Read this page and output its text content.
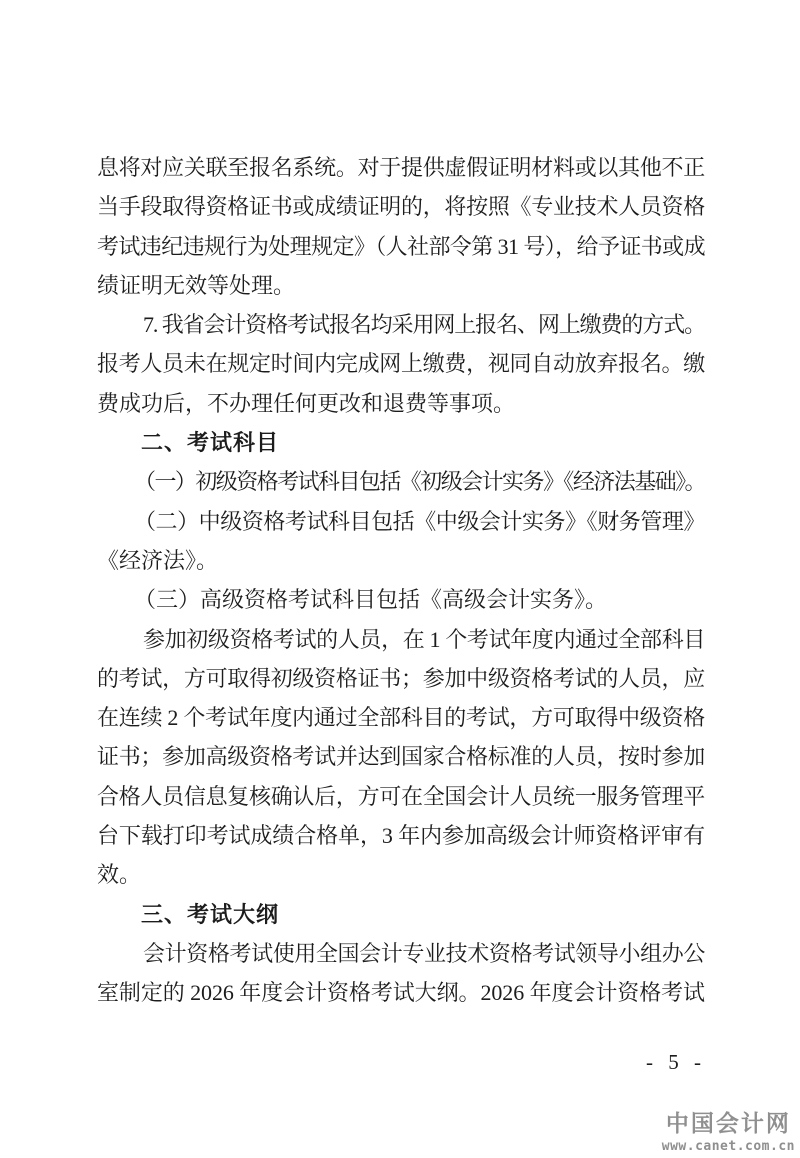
息将对应关联至报名系统。对于提供虚假证明材料或以其他不正
当手段取得资格证书或成绩证明的，将按照《专业技术人员资格
考试违纪违规行为处理规定》（人社部令第 31 号），给予证书或成
绩证明无效等处理。
7. 我省会计资格考试报名均采用网上报名、网上缴费的方式。
报考人员未在规定时间内完成网上缴费，视同自动放弃报名。缴
费成功后，不办理任何更改和退费等事项。
二、考试科目
（一）初级资格考试科目包括《初级会计实务》《经济法基础》。
（二）中级资格考试科目包括《中级会计实务》《财务管理》
《经济法》。
（三）高级资格考试科目包括《高级会计实务》。
参加初级资格考试的人员，在 1 个考试年度内通过全部科目
的考试，方可取得初级资格证书；参加中级资格考试的人员，应
在连续 2 个考试年度内通过全部科目的考试，方可取得中级资格
证书；参加高级资格考试并达到国家合格标准的人员，按时参加
合格人员信息复核确认后，方可在全国会计人员统一服务管理平
台下载打印考试成绩合格单，3 年内参加高级会计师资格评审有
效。
三、考试大纲
会计资格考试使用全国会计专业技术资格考试领导小组办公
室制定的 2026 年度会计资格考试大纲。2026 年度会计资格考试
- 5 -
中国会计网
www.canet.com.cn
